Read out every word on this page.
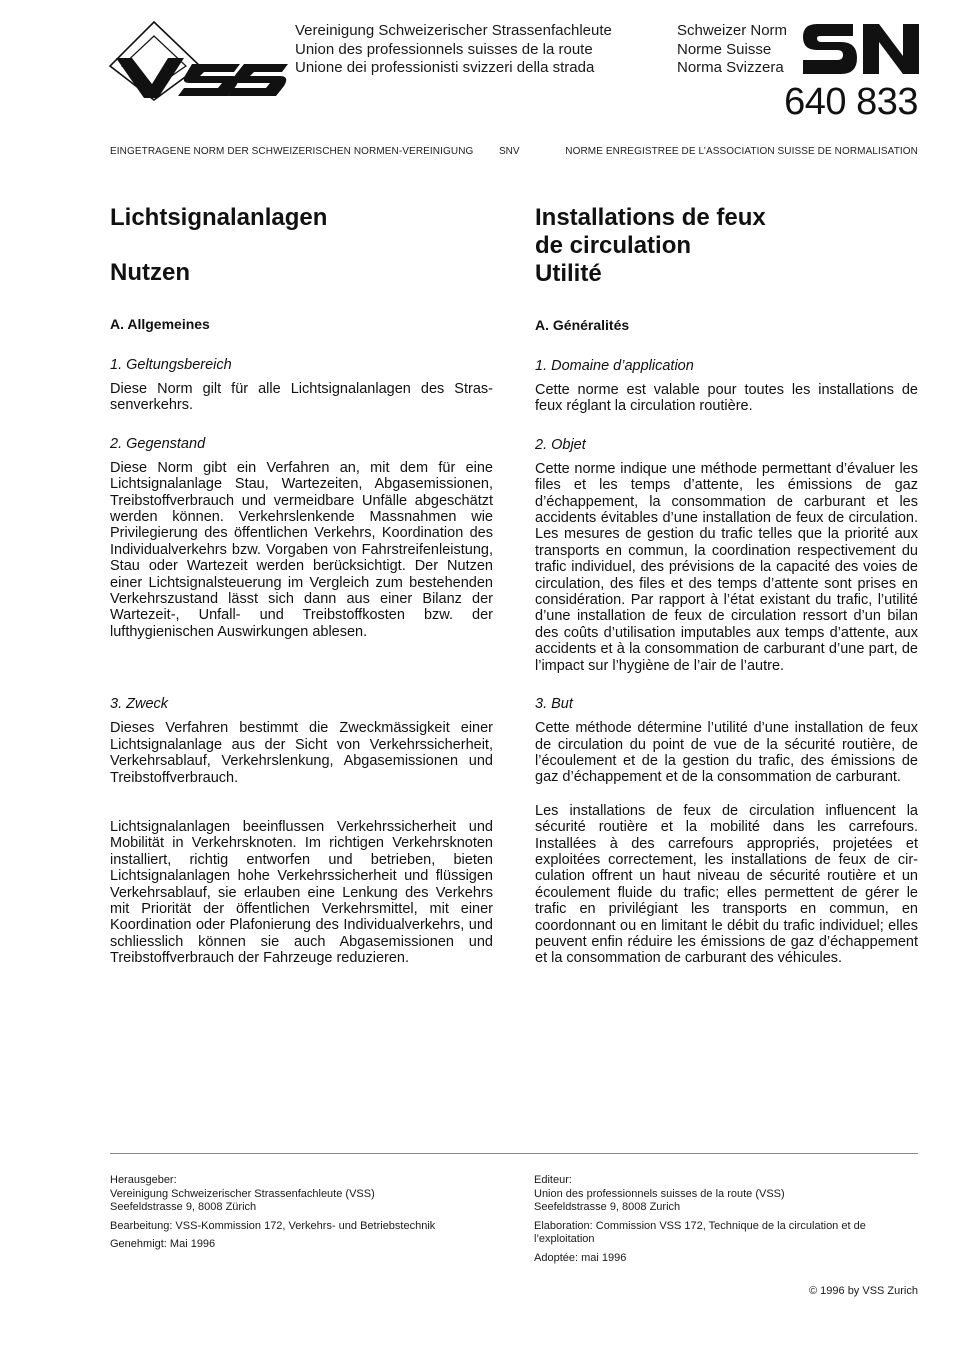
Vereinigung Schweizerischer Strassenfachleute
Union des professionnels suisses de la route
Unione dei professionisti svizzeri della strada
Schweizer Norm
Norme Suisse
Norma Svizzera
640 833
EINGETRAGENE NORM DER SCHWEIZERISCHEN NORMEN-VEREINIGUNG	SNV	NORME ENREGISTREE DE L’ASSOCIATION SUISSE DE NORMALISATION
Lichtsignalanlagen
Nutzen
A. Allgemeines
1. Geltungsbereich

Diese Norm gilt für alle Lichtsignalanlagen des Strassenverkehrs.

2. Gegenstand

Diese Norm gibt ein Verfahren an, mit dem für eine Lichtsignalanlage Stau, Wartezeiten, Abgasemissionen, Treibstoffverbrauch und vermeidbare Unfälle abgeschätzt werden können. Verkehrslenkende Massnahmen wie Privilegierung des öffentlichen Verkehrs, Koordination des Individualverkehrs bzw. Vorgaben von Fahrstreifenleistung, Stau oder Wartezeit werden berücksichtigt. Der Nutzen einer Lichtsignalsteuerung im Vergleich zum bestehenden Verkehrszustand lässt sich dann aus einer Bilanz der Wartezeit-, Unfall- und Treibstoffkosten bzw. der lufthygienischen Auswirkungen ablesen.

3. Zweck

Dieses Verfahren bestimmt die Zweckmässigkeit einer Lichtsignalanlage aus der Sicht von Verkehrssicherheit, Verkehrsablauf, Verkehrslenkung, Abgasemissionen und Treibstoffverbrauch.

Lichtsignalanlagen beeinflussen Verkehrssicherheit und Mobilität in Verkehrsknoten. Im richtigen Verkehrsknoten installiert, richtig entworfen und betrieben, bieten Lichtsignalanlagen hohe Verkehrssicherheit und flüssigen Verkehrsablauf, sie erlauben eine Lenkung des Verkehrs mit Priorität der öffentlichen Verkehrsmittel, mit einer Koordination oder Plafonierung des Individualverkehrs, und schliesslich können sie auch Abgasemissionen und Treibstoffverbrauch der Fahrzeuge reduzieren.

Installations de feux
de circulation
Utilité
A. Généralités
1. Domaine d’application

Cette norme est valable pour toutes les installations de feux réglant la circulation routière.

2. Objet

Cette norme indique une méthode permettant d’évaluer les files et les temps d’attente, les émissions de gaz d’échappement, la consommation de carburant et les accidents évitables d’une installation de feux de circulation. Les mesures de gestion du trafic telles que la priorité aux transports en commun, la coordination respectivement du trafic individuel, des prévisions de la capacité des voies de circulation, des files et des temps d’attente sont prises en considération. Par rapport à l’état existant du trafic, l’utilité d’une installation de feux de circulation ressort d’un bilan des coûts d’utilisation imputables aux temps d’attente, aux accidents et à la consommation de carburant d’une part, de l’impact sur l’hygiène de l’air de l’autre.

3. But

Cette méthode détermine l’utilité d’une installation de feux de circulation du point de vue de la sécurité routière, de l’écoulement et de la gestion du trafic, des émissions de gaz d’échappement et de la consommation de carburant.

Les installations de feux de circulation influencent la sécurité routière et la mobilité dans les carrefours. Installées à des carrefours appropriés, projetées et exploitées correctement, les installations de feux de circulation offrent un haut niveau de sécurité routière et un écoulement fluide du trafic; elles permettent de gérer le trafic en privilégiant les transports en commun, en coordonnant ou en limitant le débit du trafic individuel; elles peuvent enfin réduire les émissions de gaz d’échappement et la consommation de carburant des véhicules.

Herausgeber:

Vereinigung Schweizerischer Strassenfachleute (VSS)

Seefeldstrasse 9, 8008 Zürich

Bearbeitung: VSS-Kommission 172, Verkehrs- und Betriebstechnik

Genehmigt: Mai 1996

Editeur:

Union des professionnels suisses de la route (VSS)

Seefeldstrasse 9, 8008 Zurich

Elaboration: Commission VSS 172, Technique de la circulation et de

l’exploitation

Adoptée: mai 1996

© 1996 by VSS Zurich
